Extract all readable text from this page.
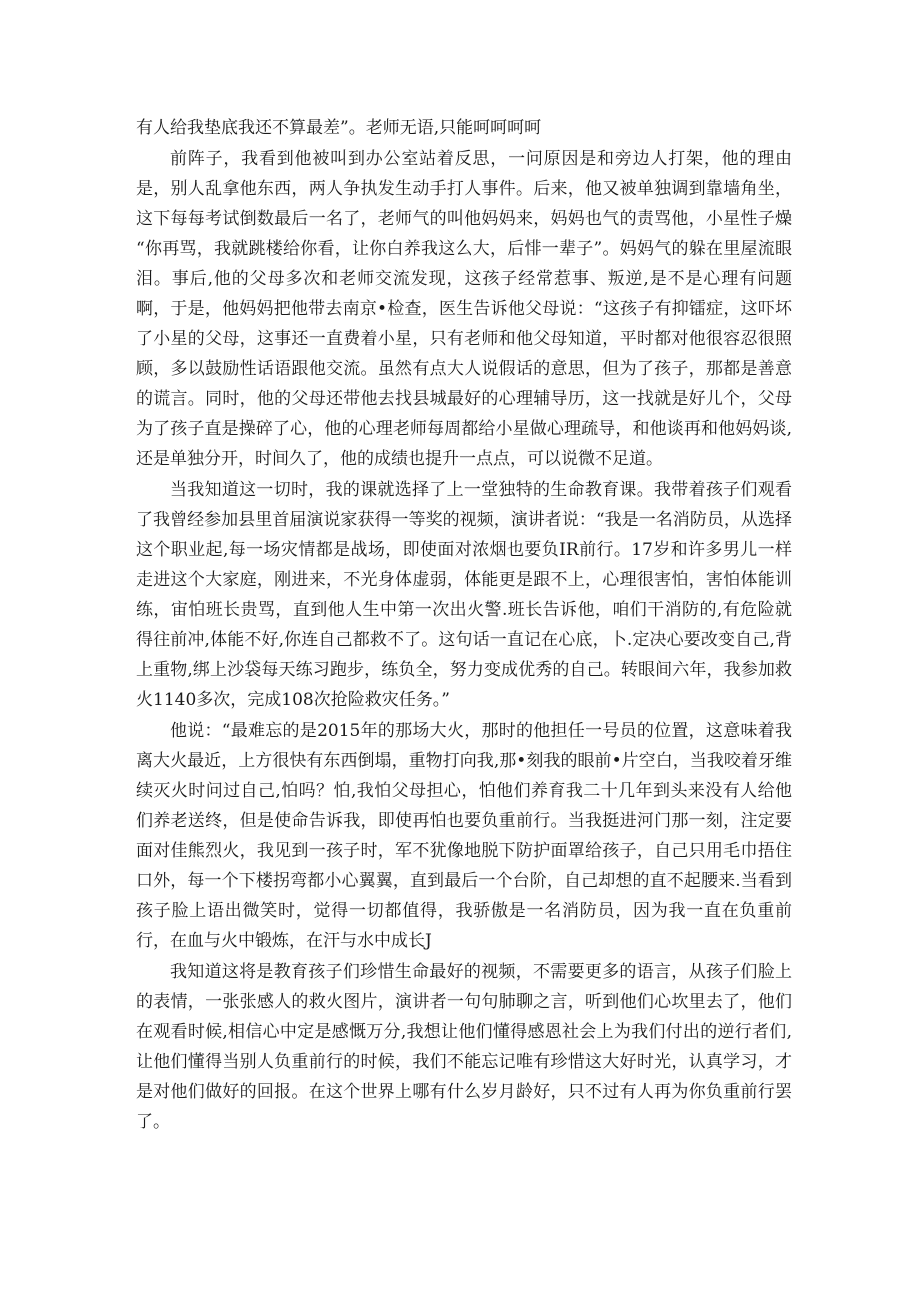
有人给我垫底我还不算最差”。老师无语,只能呵呵呵呵

前阵子，我看到他被叫到办公室站着反思，一问原因是和旁边人打架，他的理由是，别人乱拿他东西，两人争执发生动手打人事件。后来，他又被单独调到靠墙角坐，这下每每考试倒数最后一名了，老师气的叫他妈妈来，妈妈也气的责骂他，小星性子燥 “你再骂，我就跳楼给你看，让你白养我这么大，后悱一辈子”。妈妈气的躲在里屋流眼泪。事后,他的父母多次和老师交流发现，这孩子经常惹事、叛逆,是不是心理有问题啊，于是，他妈妈把他带去南京•检查，医生告诉他父母说：“这孩子有抑镭症，这吓坏了小星的父母，这事还一直费着小星，只有老师和他父母知道，平时都对他很容忍很照顾，多以鼓励性话语跟他交流。虽然有点大人说假话的意思，但为了孩子，那都是善意的谎言。同时，他的父母还带他去找县城最好的心理辅导历，这一找就是好儿个，父母为了孩子直是操碎了心，他的心理老师每周都给小星做心理疏导，和他谈再和他妈妈谈,还是单独分开，时间久了，他的成绩也提升一点点，可以说微不足道。

当我知道这一切时，我的课就选择了上一堂独特的生命教育课。我带着孩子们观看了我曾经参加县里首届演说家获得一等奖的视频，演讲者说：“我是一名消防员，从选择这个职业起,每一场灾情都是战场，即使面对浓烟也要负IR前行。17岁和许多男儿一样走进这个大家庭，刚进来，不光身体虚弱，体能更是跟不上，心理很害怕，害怕体能训练，宙怕班长贵骂，直到他人生中第一次出火警.班长告诉他，咱们干消防的,有危险就得往前冲,体能不好,你连自己都救不了。这句话一直记在心底，卜.定决心要改变自己,背上重物,绑上沙袋每天练习跑步，练负全，努力变成优秀的自己。转眼间六年，我参加救火1140多次，完成108次抢险救灾任务。”

他说：“最难忘的是2015年的那场大火，那时的他担任一号员的位置，这意味着我离大火最近，上方很快有东西倒塌，重物打向我,那•刻我的眼前•片空白，当我咬着牙维续灭火时问过自己,怕吗？怕,我怕父母担心，怕他们养育我二十几年到头来没有人给他们养老送终，但是使命告诉我，即使再怕也要负重前行。当我挺进河门那一刻，注定要面对佳熊烈火，我见到一孩子时，军不犹像地脱下防护面罩给孩子，自己只用毛巾捂住口外，每一个下楼拐弯都小心翼翼，直到最后一个台阶，自己却想的直不起腰来.当看到孩子脸上语出微笑时，觉得一切都值得，我骄傲是一名消防员，因为我一直在负重前行，在血与火中锻炼，在汗与水中成长J

我知道这将是教育孩子们珍惜生命最好的视频，不需要更多的语言，从孩子们脸上的表情，一张张感人的救火图片，演讲者一句句肺聊之言，听到他们心坎里去了，他们在观看时候,相信心中定是感慨万分,我想让他们懂得感恩社会上为我们付出的逆行者们,让他们懂得当别人负重前行的时候，我们不能忘记唯有珍惜这大好时光，认真学习，才是对他们做好的回报。在这个世界上哪有什么岁月龄好，只不过有人再为你负重前行罢了。
